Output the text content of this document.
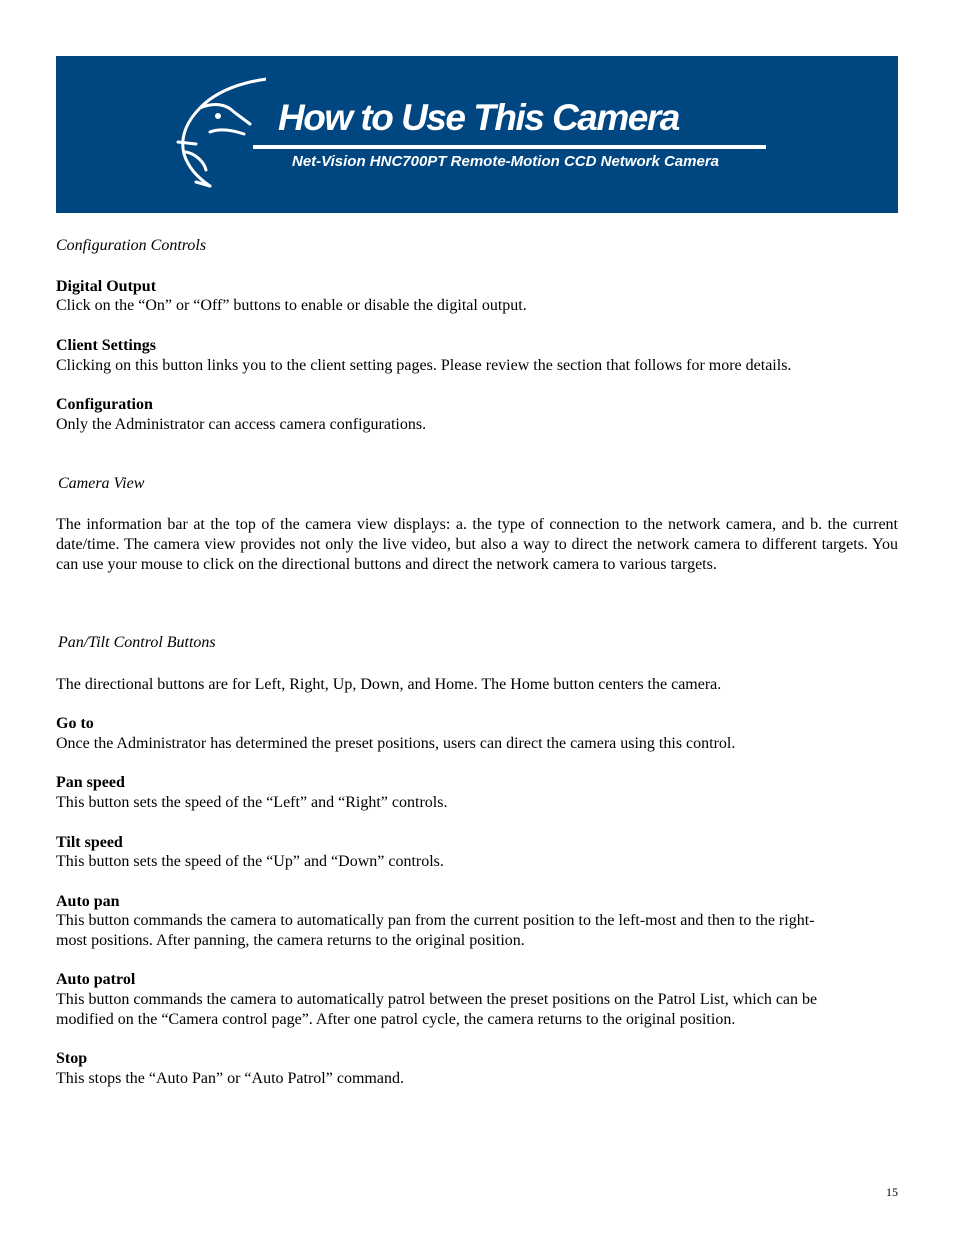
How to Use This Camera
Net-Vision HNC700PT Remote-Motion CCD Network Camera
Configuration Controls
Digital Output
Click on the “On” or “Off” buttons to enable or disable the digital output.
Client Settings
Clicking on this button links you to the client setting pages. Please review the section that follows for more details.
Configuration
Only the Administrator can access camera configurations.
Camera View
The information bar at the top of the camera view displays: a. the type of connection to the network camera, and b. the current date/time. The camera view provides not only the live video, but also a way to direct the network camera to different targets. You can use your mouse to click on the directional buttons and direct the network camera to various targets.
Pan/Tilt Control Buttons
The directional buttons are for Left, Right, Up, Down, and Home. The Home button centers the camera.
Go to
Once the Administrator has determined the preset positions, users can direct the camera using this control.
Pan speed
This button sets the speed of the “Left” and “Right” controls.
Tilt speed
This button sets the speed of the “Up” and “Down” controls.
Auto pan
This button commands the camera to automatically pan from the current position to the left-most and then to the right-
most positions. After panning, the camera returns to the original position.
Auto patrol
This button commands the camera to automatically patrol between the preset positions on the Patrol List, which can be
modified on the “Camera control page”. After one patrol cycle, the camera returns to the original position.
Stop
This stops the “Auto Pan” or “Auto Patrol” command.
15
